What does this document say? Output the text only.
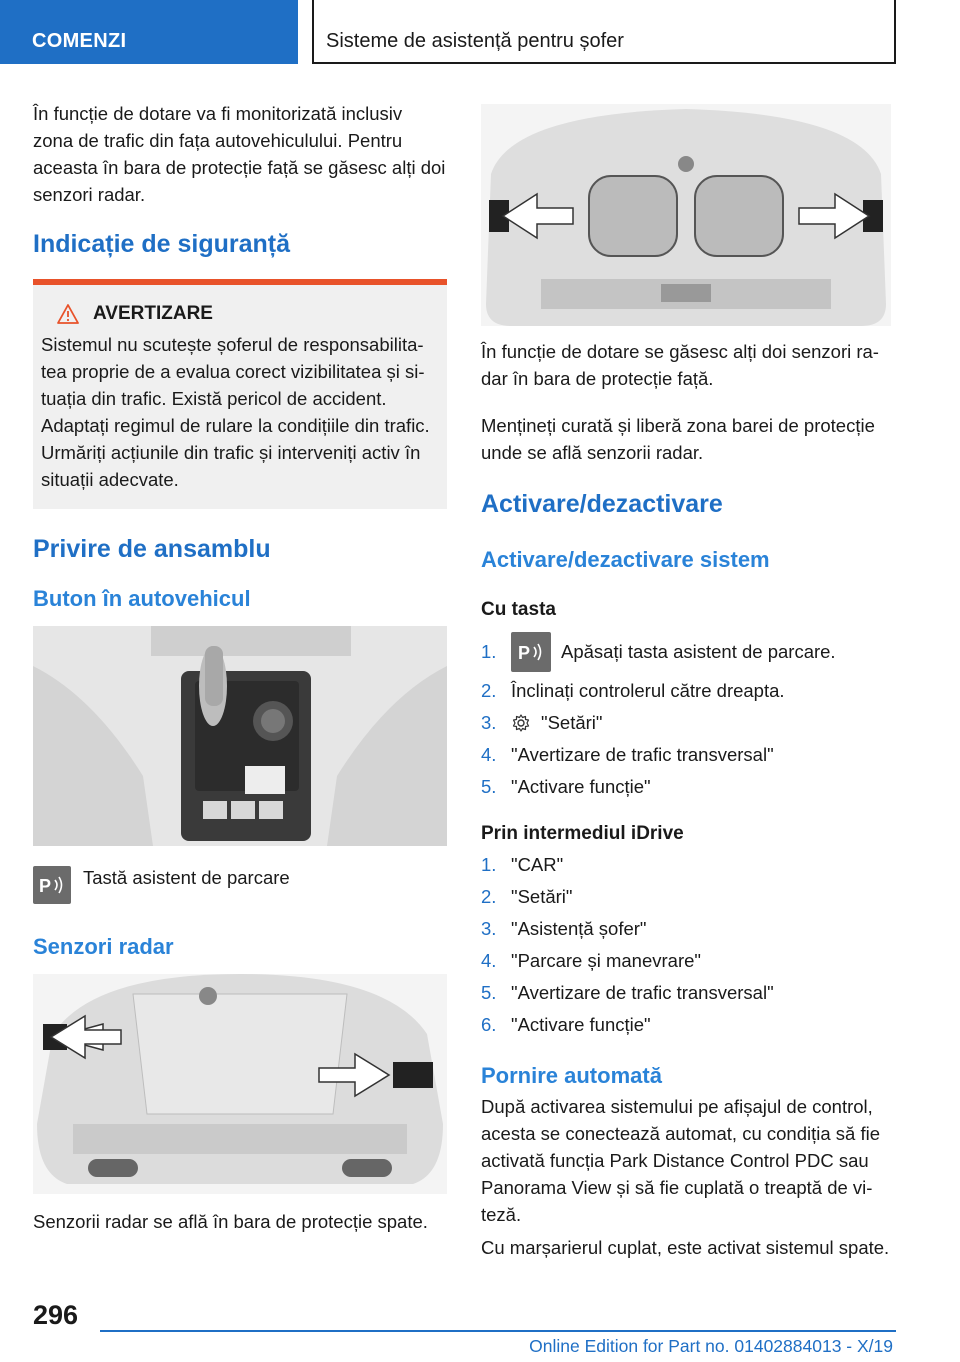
COMENZI	Sisteme de asistență pentru șofer

În funcție de dotare va fi monitorizată inclusiv zona de trafic din fața autovehiculului. Pentru aceasta în bara de protecție față se găsesc alți doi senzori radar.

Indicație de siguranță
AVERTIZARE

Sistemul nu scutește șoferul de responsabilita-tea proprie de a evalua corect vizibilitatea și si-tuația din trafic. Există pericol de accident. Adaptați regimul de rulare la condițiile din trafic. Urmăriți acțiunile din trafic și interveniți activ în situații adecvate.

Privire de ansamblu
Buton în autovehicul
P Tastă asistent de parcare
Senzori radar

Senzorii radar se află în bara de protecție spate.

În funcție de dotare se găsesc alți doi senzori ra-dar în bara de protecție față.

Mențineți curată și liberă zona barei de protecție unde se află senzorii radar.

Activare/dezactivare
Activare/dezactivare sistem
Cu tasta
1.	P Apăsați tasta asistent de parcare.
2. Înclinați controlerul către dreapta.
3.	"Setări"
4. "Avertizare de trafic transversal"
5. "Activare funcție"
Prin intermediul iDrive
1. "CAR"
2. "Setări"
3. "Asistență șofer"
4. "Parcare și manevrare"
5. "Avertizare de trafic transversal"
6. "Activare funcție"
Pornire automată

După activarea sistemului pe afișajul de control, acesta se conectează automat, cu condiția să fie activată funcția Park Distance Control PDC sau Panorama View și să fie cuplată o treaptă de vi-teză.

Cu marșarierul cuplat, este activat sistemul spate.

296
Online Edition for Part no. 01402884013 - X/19
